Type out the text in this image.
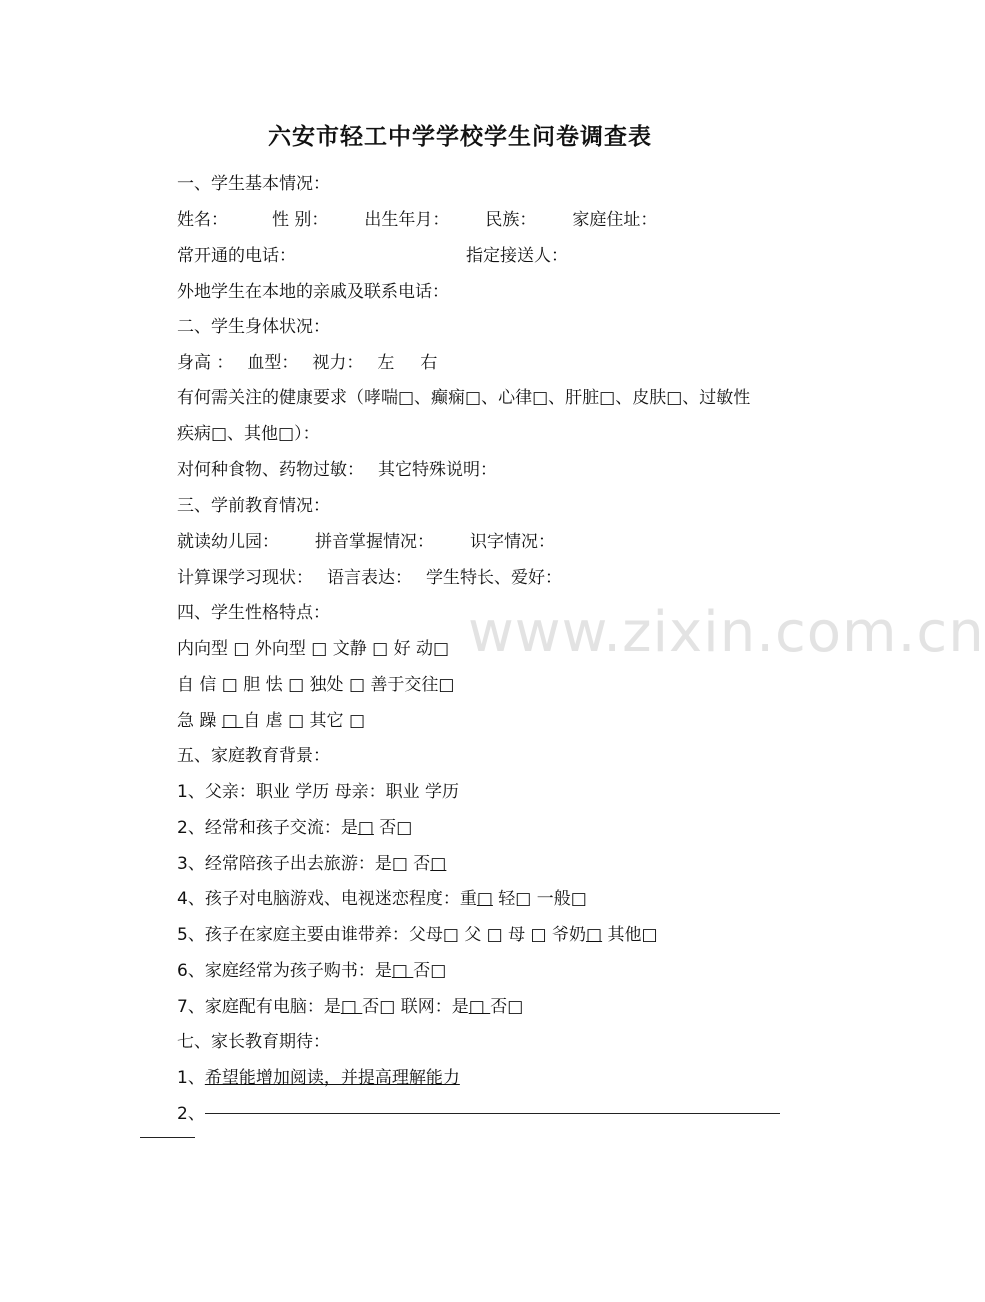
www.zixin.com.cn
六安市轻工中学学校学生问卷调查表
一、学生基本情况：
姓名：	性 别： 出生年月： 民族： 家庭住址：
常开通的电话：	指定接送人：
外地学生在本地的亲戚及联系电话：
二、学生身体状况：
身高 ： 血型： 视力： 左 右
有何需关注的健康要求（哮喘□、癫痫□、心律□、肝脏□、皮肤□、过敏性
疾病□、其他□）：
对何种食物、药物过敏： 其它特殊说明：
三、学前教育情况：
就读幼儿园： 拼音掌握情况： 识字情况：
计算课学习现状： 语言表达： 学生特长、爱好：
四、学生性格特点：
内向型 □ 外向型 □ 文静 □ 好 动□
自 信 □ 胆 怯 □ 独处 □ 善于交往□
急 躁 □ 自 虐 □ 其它 □
五、家庭教育背景：
1、父亲：职业 学历 母亲：职业 学历
2、经常和孩子交流：是□ 否□
3、经常陪孩子出去旅游：是□ 否□
4、孩子对电脑游戏、电视迷恋程度：重□ 轻□ 一般□
5、孩子在家庭主要由谁带养：父母□ 父 □ 母 □ 爷奶□ 其他□
6、家庭经常为孩子购书：是□ 否□
7、家庭配有电脑：是□ 否□ 联网：是□ 否□
七、家长教育期待：
1、希望能增加阅读，并提高理解能力
2、
